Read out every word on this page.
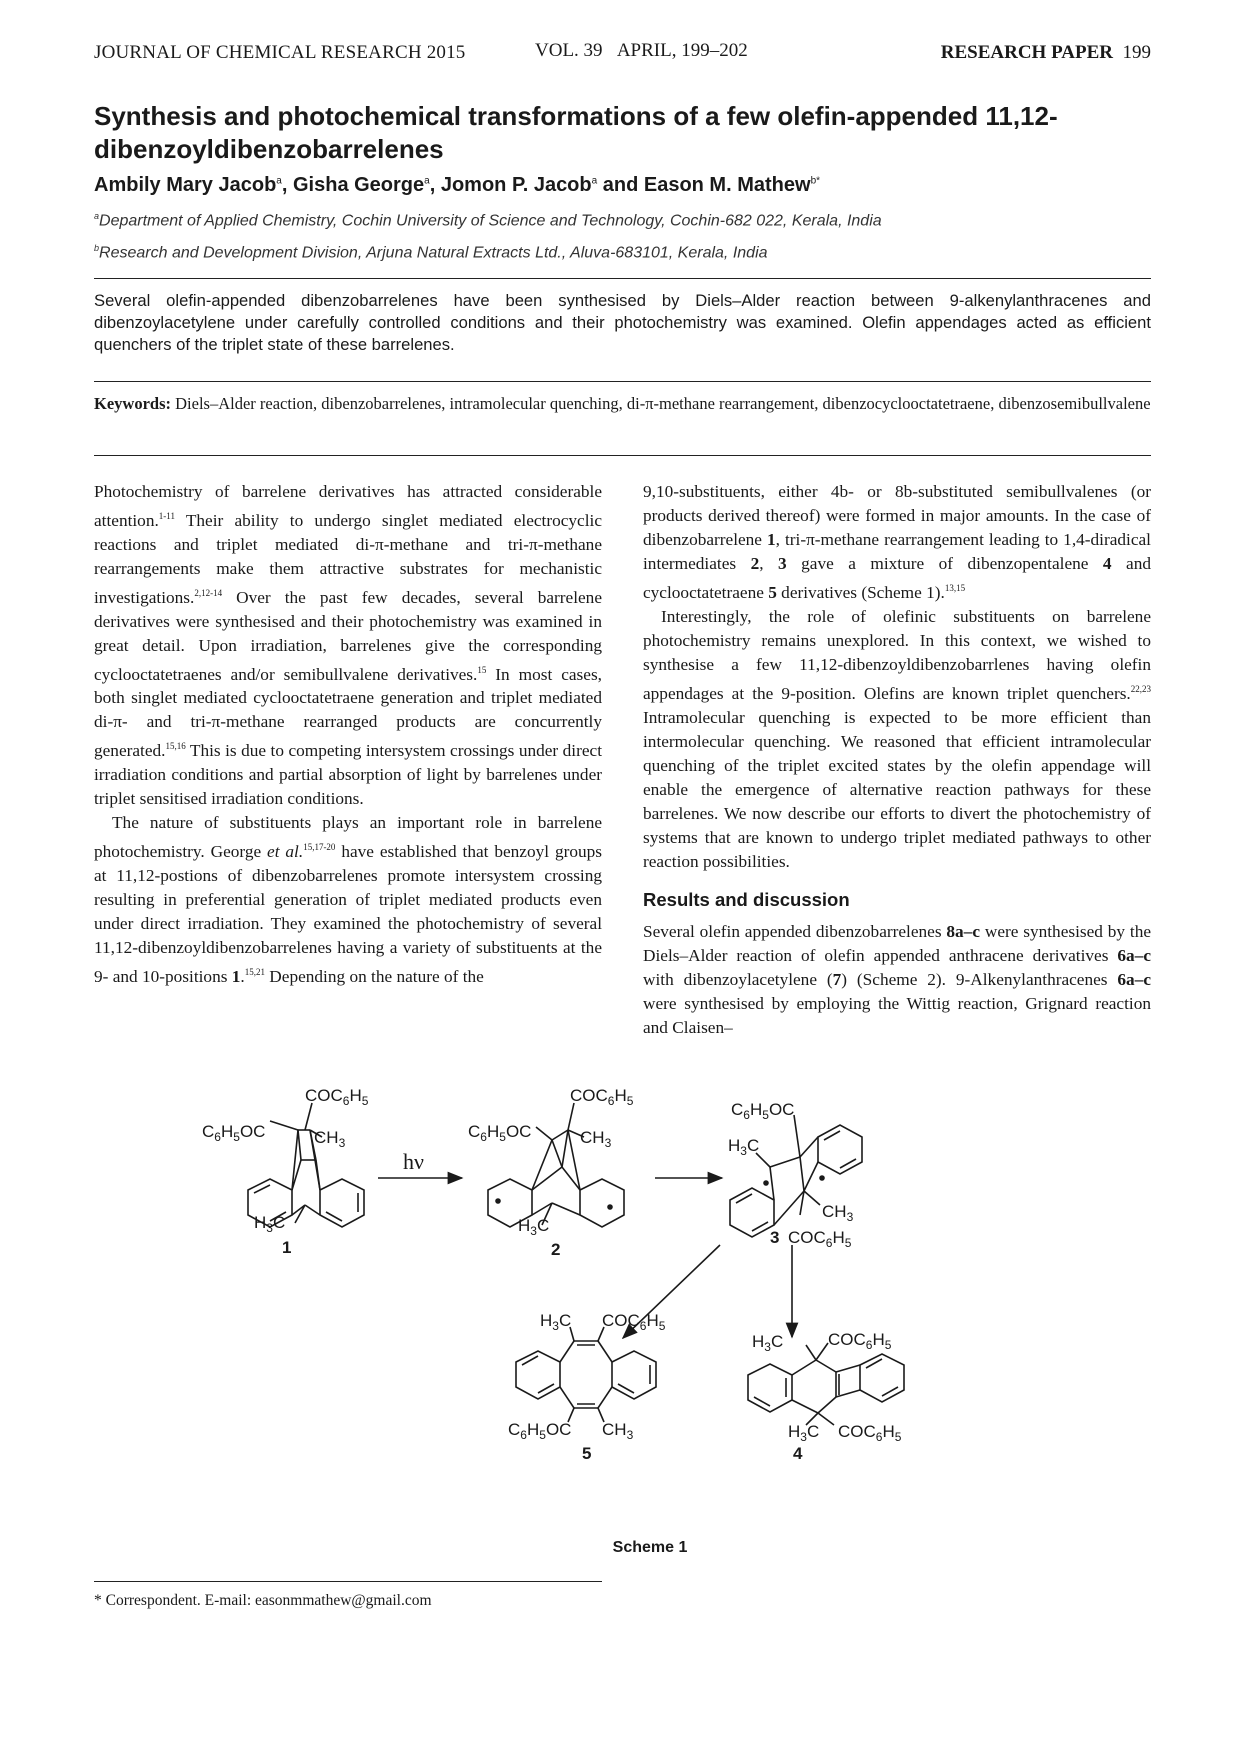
JOURNAL OF CHEMICAL RESEARCH 2015	VOL. 39 APRIL, 199–202	RESEARCH PAPER 199
Synthesis and photochemical transformations of a few olefin-appended 11,12-dibenzoyldibenzobarrelenes
Ambily Mary Jacob$^a$, Gisha George$^a$, Jomon P. Jacob$^a$ and Eason M. Mathew$^{b*}$
$^a$Department of Applied Chemistry, Cochin University of Science and Technology, Cochin-682 022, Kerala, India
$^b$Research and Development Division, Arjuna Natural Extracts Ltd., Aluva-683101, Kerala, India

Several olefin-appended dibenzobarrelenes have been synthesised by Diels–Alder reaction between 9-alkenylanthracenes and dibenzoylacetylene under carefully controlled conditions and their photochemistry was examined. Olefin appendages acted as efficient quenchers of the triplet state of these barrelenes.

Keywords: Diels–Alder reaction, dibenzobarrelenes, intramolecular quenching, di-π-methane rearrangement, dibenzocyclooctatetraene, dibenzosemibullvalene

Photochemistry of barrelene derivatives has attracted considerable attention.$^{1-11}$ Their ability to undergo singlet mediated electrocyclic reactions and triplet mediated di-π-methane and tri-π-methane rearrangements make them attractive substrates for mechanistic investigations.$^{2,12-14}$ Over the past few decades, several barrelene derivatives were synthesised and their photochemistry was examined in great detail. Upon irradiation, barrelenes give the corresponding cyclooctatetraenes and/or semibullvalene derivatives.$^{15}$ In most cases, both singlet mediated cyclooctatetraene generation and triplet mediated di-π- and tri-π-methane rearranged products are concurrently generated.$^{15,16}$ This is due to competing intersystem crossings under direct irradiation conditions and partial absorption of light by barrelenes under triplet sensitised irradiation conditions.

The nature of substituents plays an important role in barrelene photochemistry. George et al.$^{15,17-20}$ have established that benzoyl groups at 11,12-postions of dibenzobarrelenes promote intersystem crossing resulting in preferential generation of triplet mediated products even under direct irradiation. They examined the photochemistry of several 11,12-dibenzoyldibenzobarrelenes having a variety of substituents at the 9- and 10-positions 1.$^{15,21}$ Depending on the nature of the

9,10-substituents, either 4b- or 8b-substituted semibullvalenes (or products derived thereof) were formed in major amounts. In the case of dibenzobarrelene 1, tri-π-methane rearrangement leading to 1,4-diradical intermediates 2, 3 gave a mixture of dibenzopentalene 4 and cyclooctatetraene 5 derivatives (Scheme 1).$^{13,15}$

Interestingly, the role of olefinic substituents on barrelene photochemistry remains unexplored. In this context, we wished to synthesise a few 11,12-dibenzoyldibenzobarrlenes having olefin appendages at the 9-position. Olefins are known triplet quenchers.$^{22,23}$ Intramolecular quenching is expected to be more efficient than intermolecular quenching. We reasoned that efficient intramolecular quenching of the triplet excited states by the olefin appendage will enable the emergence of alternative reaction pathways for these barrelenes. We now describe our efforts to divert the photochemistry of systems that are known to undergo triplet mediated pathways to other reaction possibilities.

Results and discussion

Several olefin appended dibenzobarrelenes 8a–c were synthesised by the Diels–Alder reaction of olefin appended anthracene derivatives 6a–c with dibenzoylacetylene (7) (Scheme 2). 9-Alkenylanthracenes 6a–c were synthesised by employing the Wittig reaction, Grignard reaction and Claisen–

$COC_6H_5$
$C_6H_5OC$	$CH_3$
$H_3C$
1
hν
$COC_6H_5$
$C_6H_5OC$	$CH_3$
$H_3C$
2
$C_6H_5OC$
$H_3C$
$CH_3$
3 $COC_6H_5$
$H_3C$ $COC_6H_5$
$C_6H_5OC$ $CH_3$
5
$H_3C$	$COC_6H_5$
$H_3C$ $COC_6H_5$
4
Scheme 1
* Correspondent. E-mail: easonmmathew@gmail.com
